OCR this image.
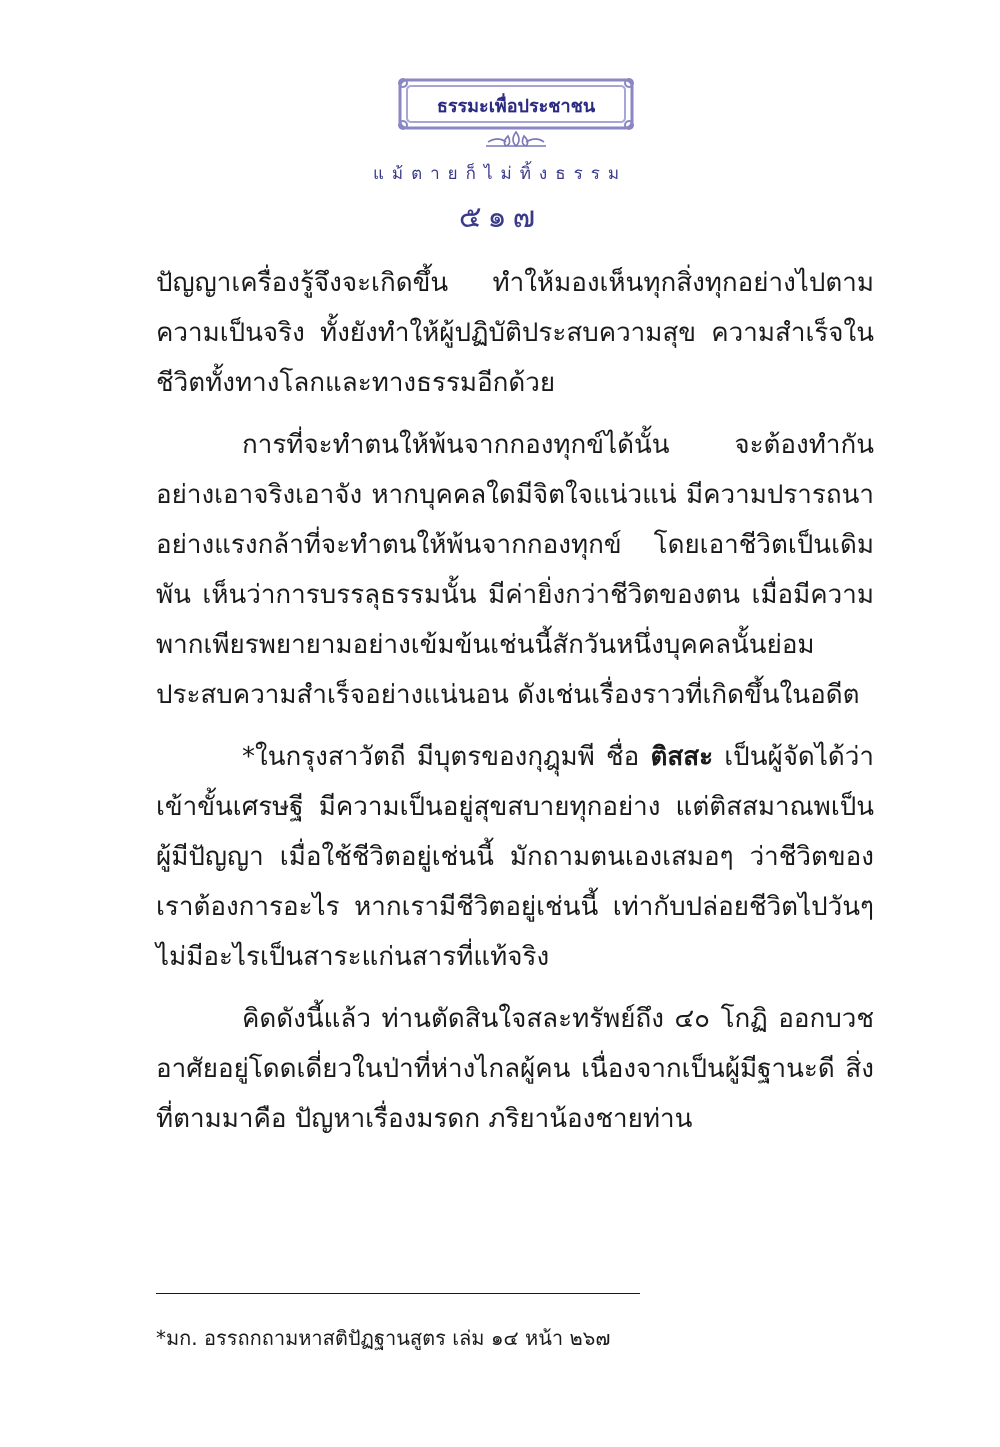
ธรรมะเพื่อประชาชน
แม้ตายก็ไม่ทิ้งธรรม
๕๑๗

ปัญญาเครื่องรู้จึงจะเกิดขึ้น ทำให้มองเห็นทุกสิ่งทุกอย่างไปตามความเป็นจริง ทั้งยังทำให้ผู้ปฏิบัติประสบความสุข ความสำเร็จในชีวิตทั้งทางโลกและทางธรรมอีกด้วย

การที่จะทำตนให้พ้นจากกองทุกข์ได้นั้น จะต้องทำกันอย่างเอาจริงเอาจัง หากบุคคลใดมีจิตใจแน่วแน่ มีความปรารถนาอย่างแรงกล้าที่จะทำตนให้พ้นจากกองทุกข์ โดยเอาชีวิตเป็นเดิมพัน เห็นว่าการบรรลุธรรมนั้น มีค่ายิ่งกว่าชีวิตของตน เมื่อมีความพากเพียรพยายามอย่างเข้มข้นเช่นนี้สักวันหนึ่งบุคคลนั้นย่อมประสบความสำเร็จอย่างแน่นอน ดังเช่นเรื่องราวที่เกิดขึ้นในอดีต

*ในกรุงสาวัตถี มีบุตรของกุฎุมพี ชื่อ ติสสะ เป็นผู้จัดได้ว่าเข้าขั้นเศรษฐี มีความเป็นอยู่สุขสบายทุกอย่าง แต่ติสสมาณพเป็นผู้มีปัญญา เมื่อใช้ชีวิตอยู่เช่นนี้ มักถามตนเองเสมอๆ ว่าชีวิตของเราต้องการอะไร หากเรามีชีวิตอยู่เช่นนี้ เท่ากับปล่อยชีวิตไปวันๆ ไม่มีอะไรเป็นสาระแก่นสารที่แท้จริง

คิดดังนี้แล้ว ท่านตัดสินใจสละทรัพย์ถึง ๔๐ โกฏิ ออกบวชอาศัยอยู่โดดเดี่ยวในป่าที่ห่างไกลผู้คน เนื่องจากเป็นผู้มีฐานะดี สิ่งที่ตามมาคือ ปัญหาเรื่องมรดก ภริยาน้องชายท่าน

*มก. อรรถกถามหาสติปัฏฐานสูตร เล่ม ๑๔ หน้า ๒๖๗
